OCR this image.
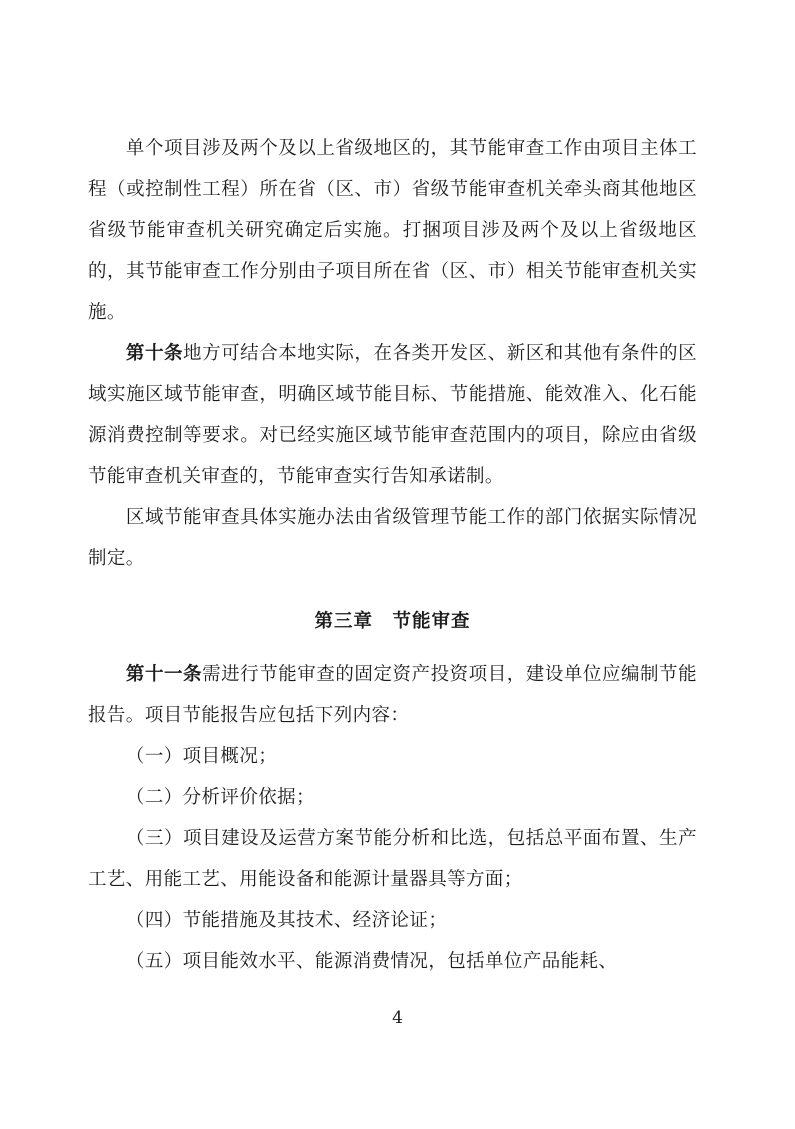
单个项目涉及两个及以上省级地区的，其节能审查工作由项目主体工程（或控制性工程）所在省（区、市）省级节能审查机关牵头商其他地区省级节能审查机关研究确定后实施。打捆项目涉及两个及以上省级地区的，其节能审查工作分别由子项目所在省（区、市）相关节能审查机关实施。

第十条地方可结合本地实际，在各类开发区、新区和其他有条件的区域实施区域节能审查，明确区域节能目标、节能措施、能效准入、化石能源消费控制等要求。对已经实施区域节能审查范围内的项目，除应由省级节能审查机关审查的，节能审查实行告知承诺制。

区域节能审查具体实施办法由省级管理节能工作的部门依据实际情况制定。

第三章　节能审查

第十一条需进行节能审查的固定资产投资项目，建设单位应编制节能报告。项目节能报告应包括下列内容：

（一）项目概况；

（二）分析评价依据；

（三）项目建设及运营方案节能分析和比选，包括总平面布置、生产工艺、用能工艺、用能设备和能源计量器具等方面；

（四）节能措施及其技术、经济论证；

（五）项目能效水平、能源消费情况，包括单位产品能耗、

4
